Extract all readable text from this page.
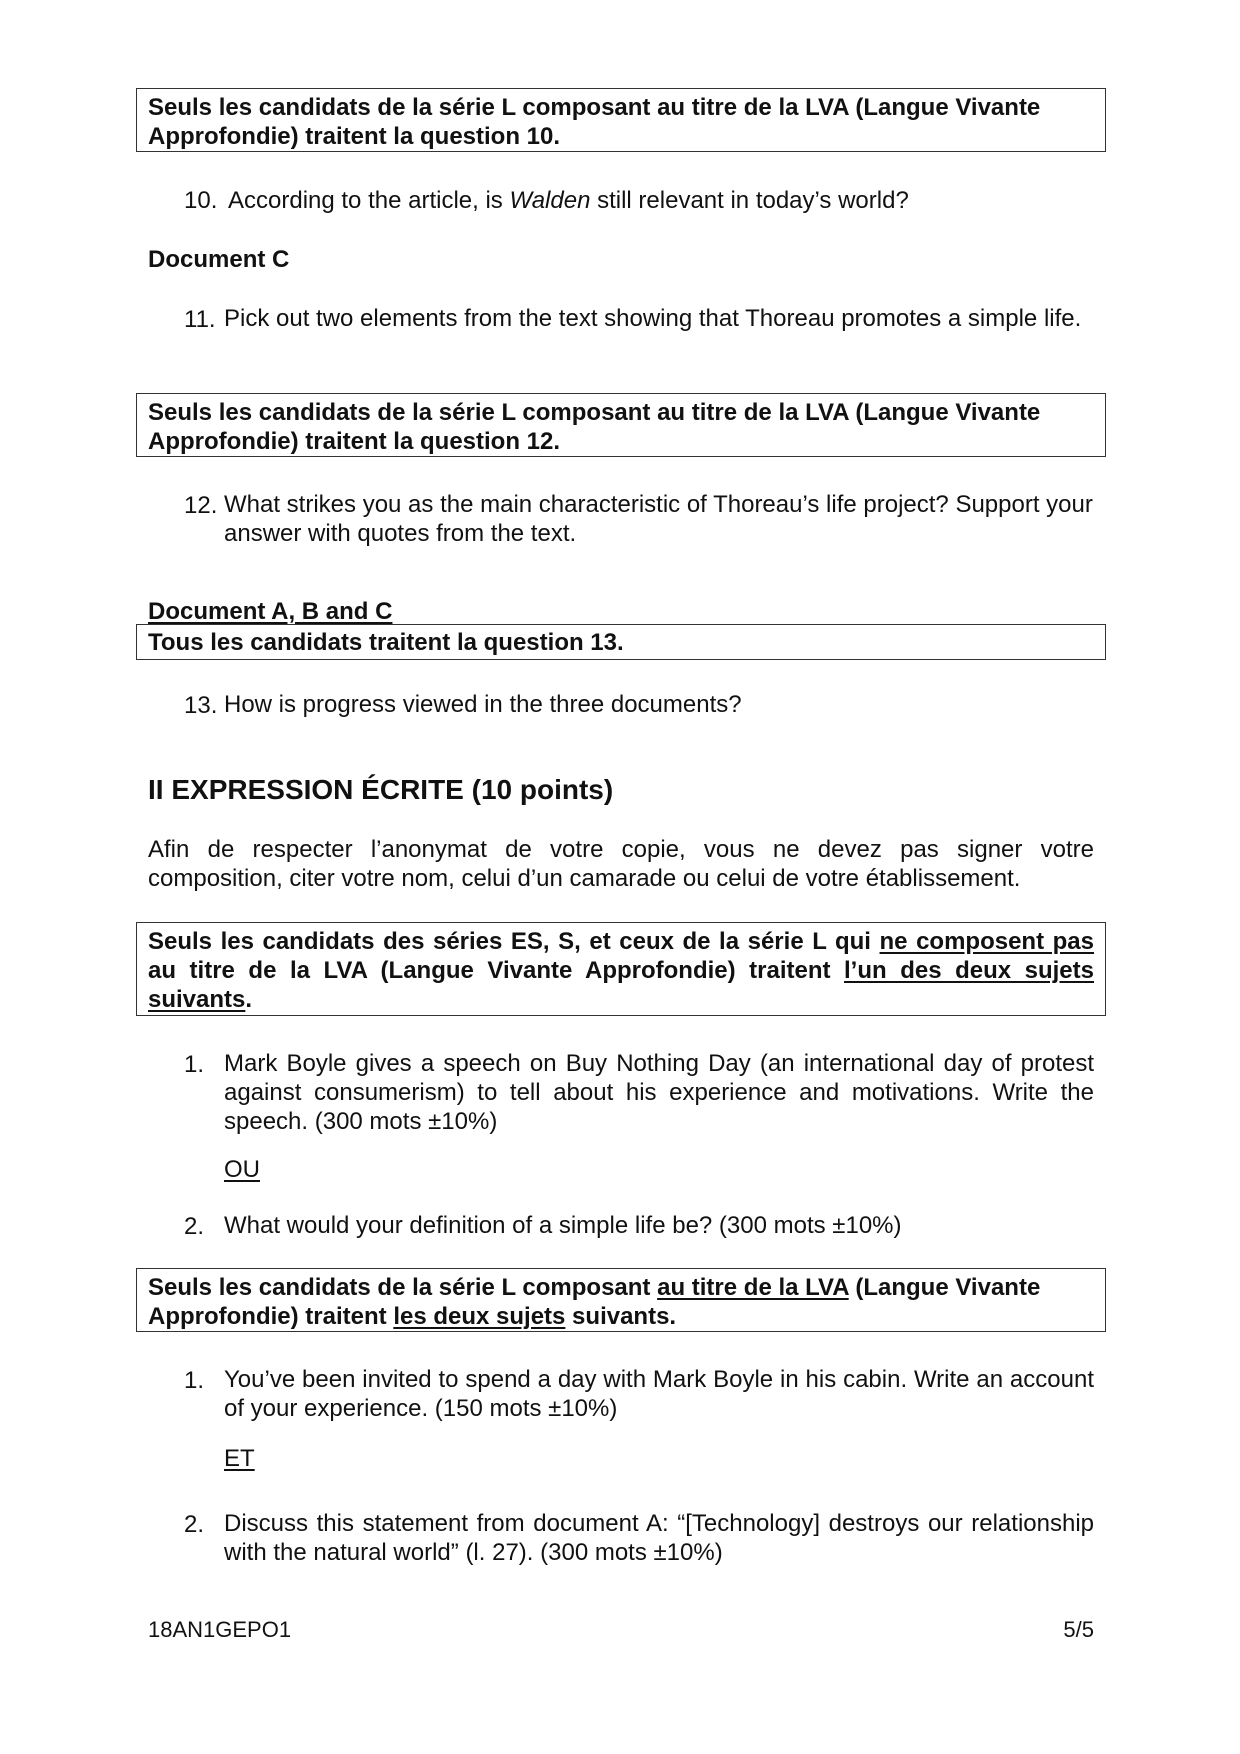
Seuls les candidats de la série L composant au titre de la LVA (Langue Vivante Approfondie) traitent la question 10.
10. According to the article, is Walden still relevant in today’s world?
Document C
11. Pick out two elements from the text showing that Thoreau promotes a simple life.
Seuls les candidats de la série L composant au titre de la LVA (Langue Vivante Approfondie) traitent la question 12.
12. What strikes you as the main characteristic of Thoreau’s life project? Support your answer with quotes from the text.
Document A, B and C
Tous les candidats traitent la question 13.
13. How is progress viewed in the three documents?
II EXPRESSION ÉCRITE (10 points)
Afin de respecter l’anonymat de votre copie, vous ne devez pas signer votre composition, citer votre nom, celui d’un camarade ou celui de votre établissement.
Seuls les candidats des séries ES, S, et ceux de la série L qui ne composent pas au titre de la LVA (Langue Vivante Approfondie) traitent l’un des deux sujets suivants.
1. Mark Boyle gives a speech on Buy Nothing Day (an international day of protest against consumerism) to tell about his experience and motivations. Write the speech. (300 mots ±10%)
OU
2. What would your definition of a simple life be? (300 mots ±10%)
Seuls les candidats de la série L composant au titre de la LVA (Langue Vivante Approfondie) traitent les deux sujets suivants.
1. You’ve been invited to spend a day with Mark Boyle in his cabin. Write an account of your experience. (150 mots ±10%)
ET
2. Discuss this statement from document A: “[Technology] destroys our relationship with the natural world” (l. 27). (300 mots ±10%)
18AN1GEPO1	5/5
